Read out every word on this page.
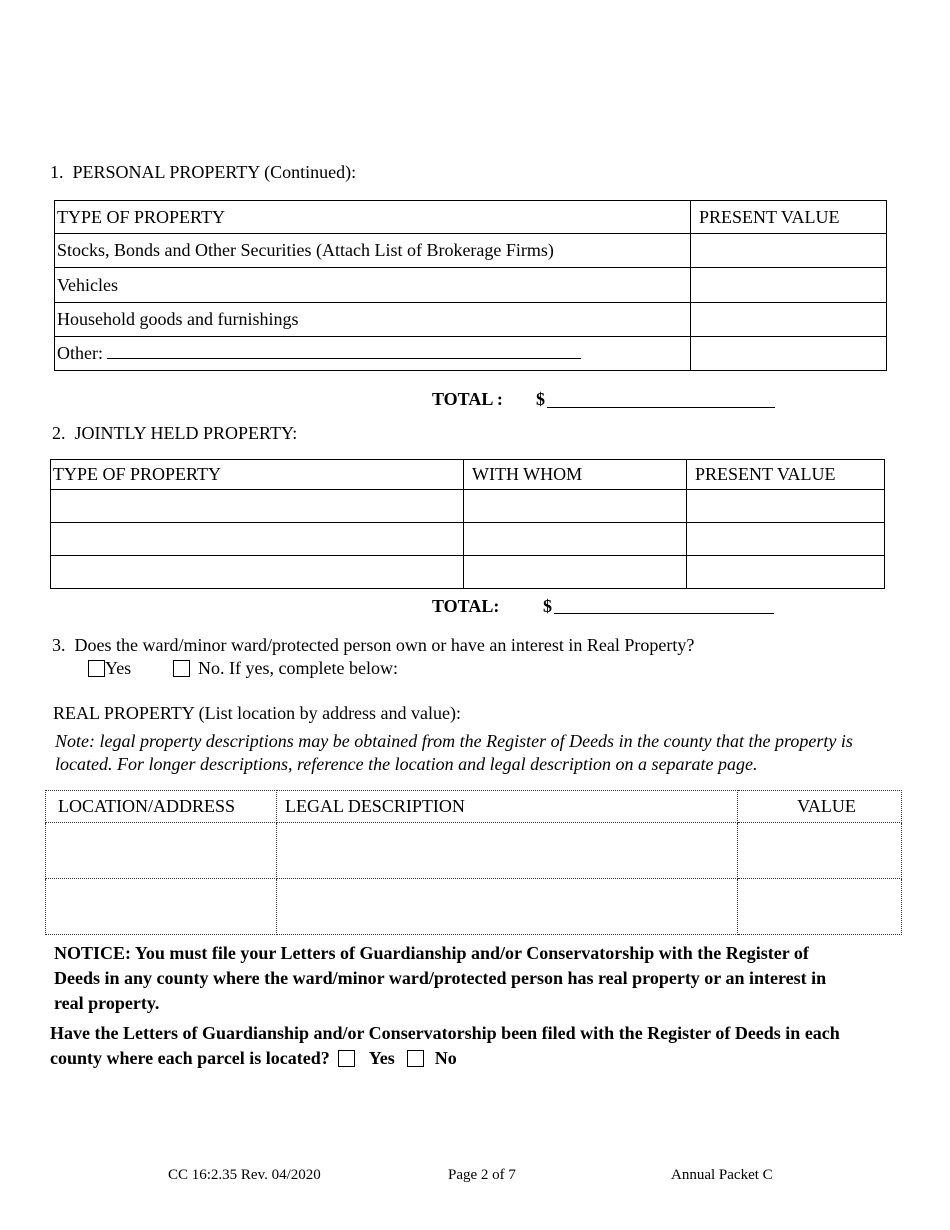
1.  PERSONAL PROPERTY (Continued):
TYPE OF PROPERTY	PRESENT VALUE
Stocks, Bonds and Other Securities (Attach List of Brokerage Firms)	
Vehicles	
Household goods and furnishings	
Other:	
TOTAL : $
2.  JOINTLY HELD PROPERTY:
TYPE OF PROPERTY	WITH WHOM	PRESENT VALUE

TOTAL: $
3.  Does the ward/minor ward/protected person own or have an interest in Real Property?
Yes	No. If yes, complete below:
REAL PROPERTY (List location by address and value):
Note: legal property descriptions may be obtained from the Register of Deeds in the county that the property is
located. For longer descriptions, reference the location and legal description on a separate page.
LOCATION/ADDRESS	LEGAL DESCRIPTION	VALUE

NOTICE: You must file your Letters of Guardianship and/or Conservatorship with the Register of
Deeds in any county where the ward/minor ward/protected person has real property or an interest in
real property.
Have the Letters of Guardianship and/or Conservatorship been filed with the Register of Deeds in each
county where each parcel is located? Yes No
CC 16:2.35 Rev. 04/2020	Page 2 of 7	Annual Packet C
